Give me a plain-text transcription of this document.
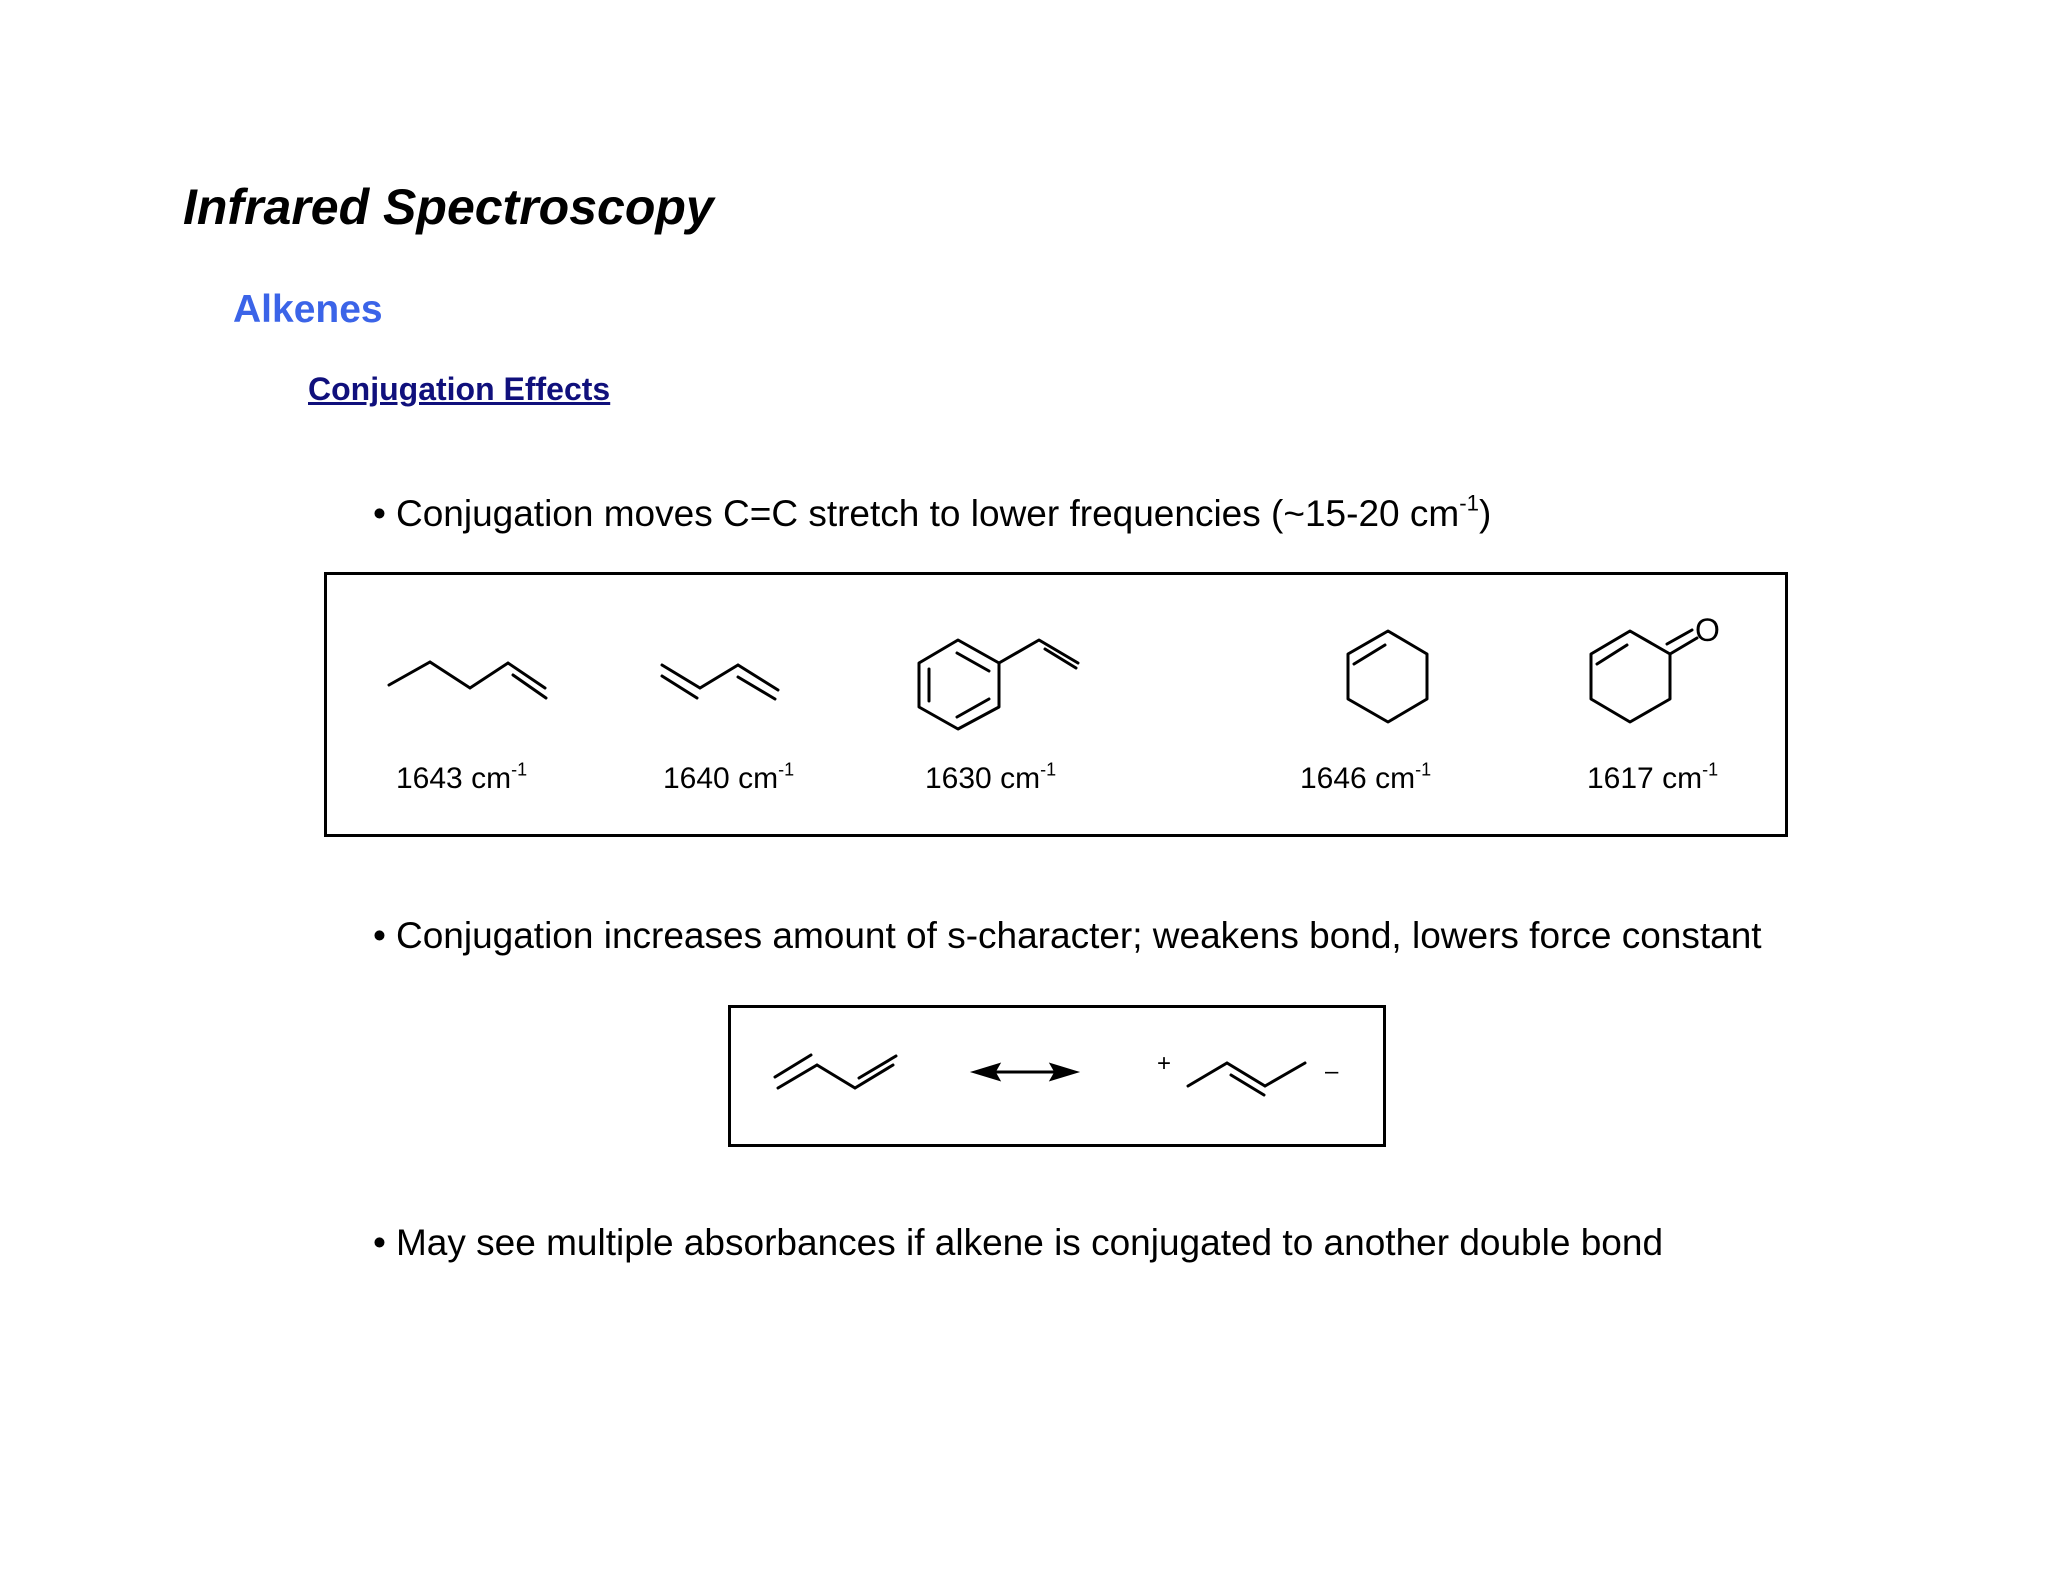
Infrared Spectroscopy
Alkenes
Conjugation Effects

• Conjugation moves C=C stretch to lower frequencies (~15-20 $cm^{-1}$)

O
1643 $cm^{-1}$	1640 $cm^{-1}$	1630 $cm^{-1}$	1646 $cm^{-1}$	1617 $cm^{-1}$

• Conjugation increases amount of s-character; weakens bond, lowers force constant

+	–

• May see multiple absorbances if alkene is conjugated to another double bond
